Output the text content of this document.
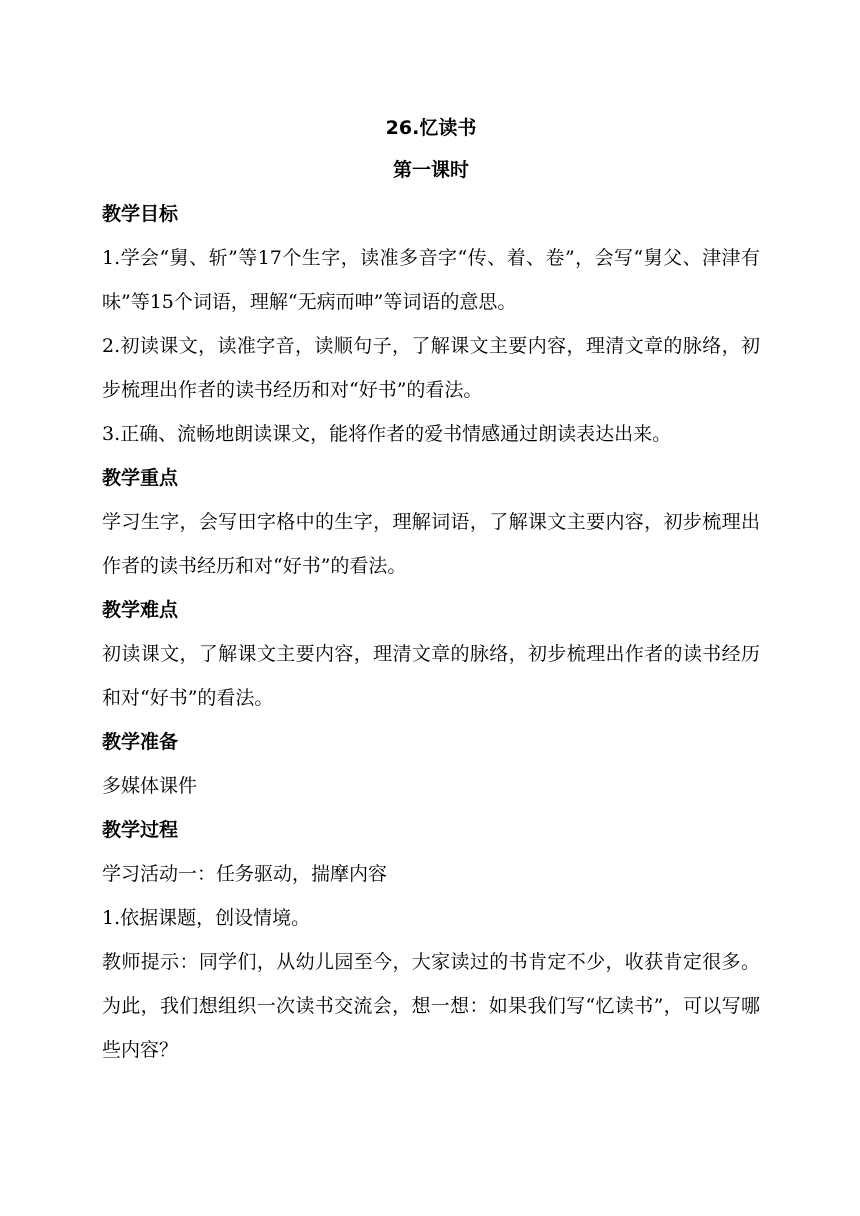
26.忆读书
第一课时
教学目标

1.学会“舅、斩”等17个生字，读准多音字“传、着、卷”，会写“舅父、津津有味”等15个词语，理解“无病而呻”等词语的意思。

2.初读课文，读准字音，读顺句子，了解课文主要内容，理清文章的脉络，初步梳理出作者的读书经历和对“好书”的看法。

3.正确、流畅地朗读课文，能将作者的爱书情感通过朗读表达出来。

教学重点

学习生字，会写田字格中的生字，理解词语，了解课文主要内容，初步梳理出作者的读书经历和对“好书”的看法。

教学难点

初读课文，了解课文主要内容，理清文章的脉络，初步梳理出作者的读书经历和对“好书”的看法。

教学准备

多媒体课件

教学过程

学习活动一：任务驱动，揣摩内容

1.依据课题，创设情境。

教师提示：同学们，从幼儿园至今，大家读过的书肯定不少，收获肯定很多。为此，我们想组织一次读书交流会，想一想：如果我们写“忆读书”，可以写哪些内容？
